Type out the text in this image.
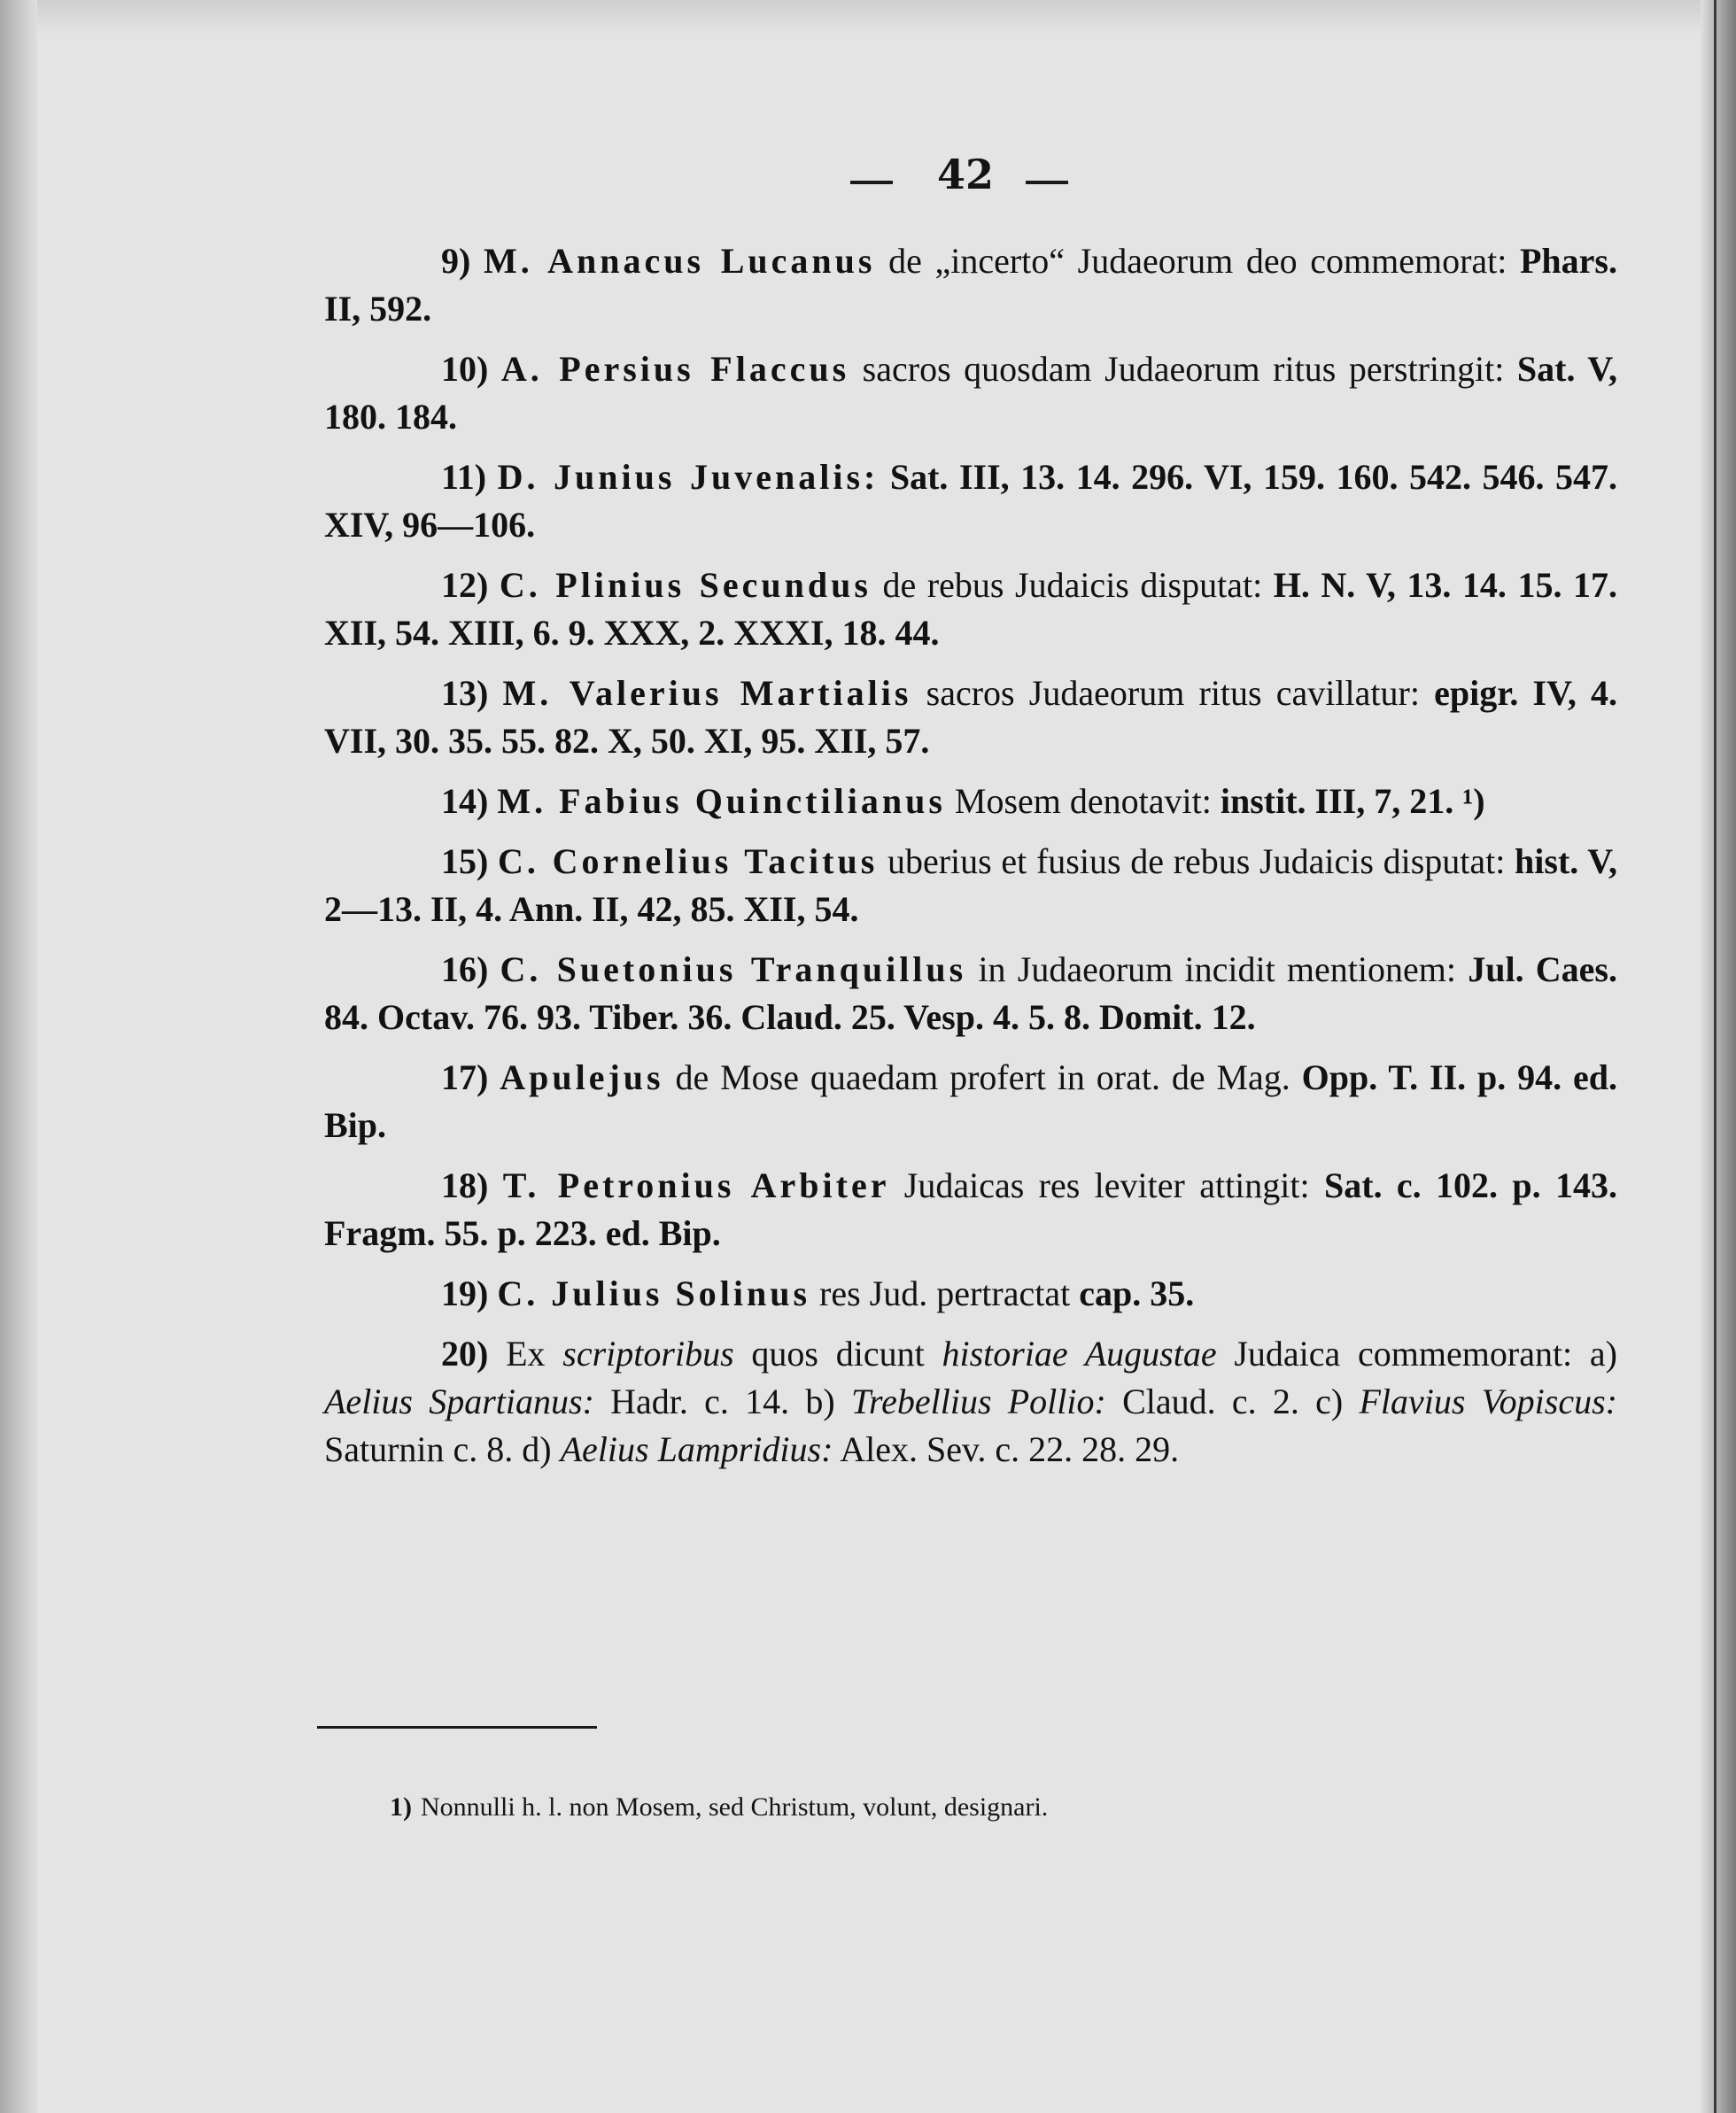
42

9) M. Annacus Lucanus de „incerto“ Judaeorum deo commemorat: Phars. II, 592.

10) A. Persius Flaccus sacros quosdam Judaeorum ritus perstringit: Sat. V, 180. 184.

11) D. Junius Juvenalis: Sat. III, 13. 14. 296. VI, 159. 160. 542. 546. 547. XIV, 96—106.

12) C. Plinius Secundus de rebus Judaicis disputat: H. N. V, 13. 14. 15. 17. XII, 54. XIII, 6. 9. XXX, 2. XXXI, 18. 44.

13) M. Valerius Martialis sacros Judaeorum ritus cavillatur: epigr. IV, 4. VII, 30. 35. 55. 82. X, 50. XI, 95. XII, 57.

14) M. Fabius Quinctilianus Mosem denotavit: instit. III, 7, 21. ¹)

15) C. Cornelius Tacitus uberius et fusius de rebus Judaicis disputat: hist. V, 2—13. II, 4. Ann. II, 42, 85. XII, 54.

16) C. Suetonius Tranquillus in Judaeorum incidit mentionem: Jul. Caes. 84. Octav. 76. 93. Tiber. 36. Claud. 25. Vesp. 4. 5. 8. Domit. 12.

17) Apulejus de Mose quaedam profert in orat. de Mag. Opp. T. II. p. 94. ed. Bip.

18) T. Petronius Arbiter Judaicas res leviter attingit: Sat. c. 102. p. 143. Fragm. 55. p. 223. ed. Bip.

19) C. Julius Solinus res Jud. pertractat cap. 35.

20) Ex scriptoribus quos dicunt historiae Augustae Judaica commemorant: a) Aelius Spartianus: Hadr. c. 14. b) Trebellius Pollio: Claud. c. 2. c) Flavius Vopiscus: Saturnin c. 8. d) Aelius Lampridius: Alex. Sev. c. 22. 28. 29.

1) Nonnulli h. l. non Mosem, sed Christum, volunt, designari.
